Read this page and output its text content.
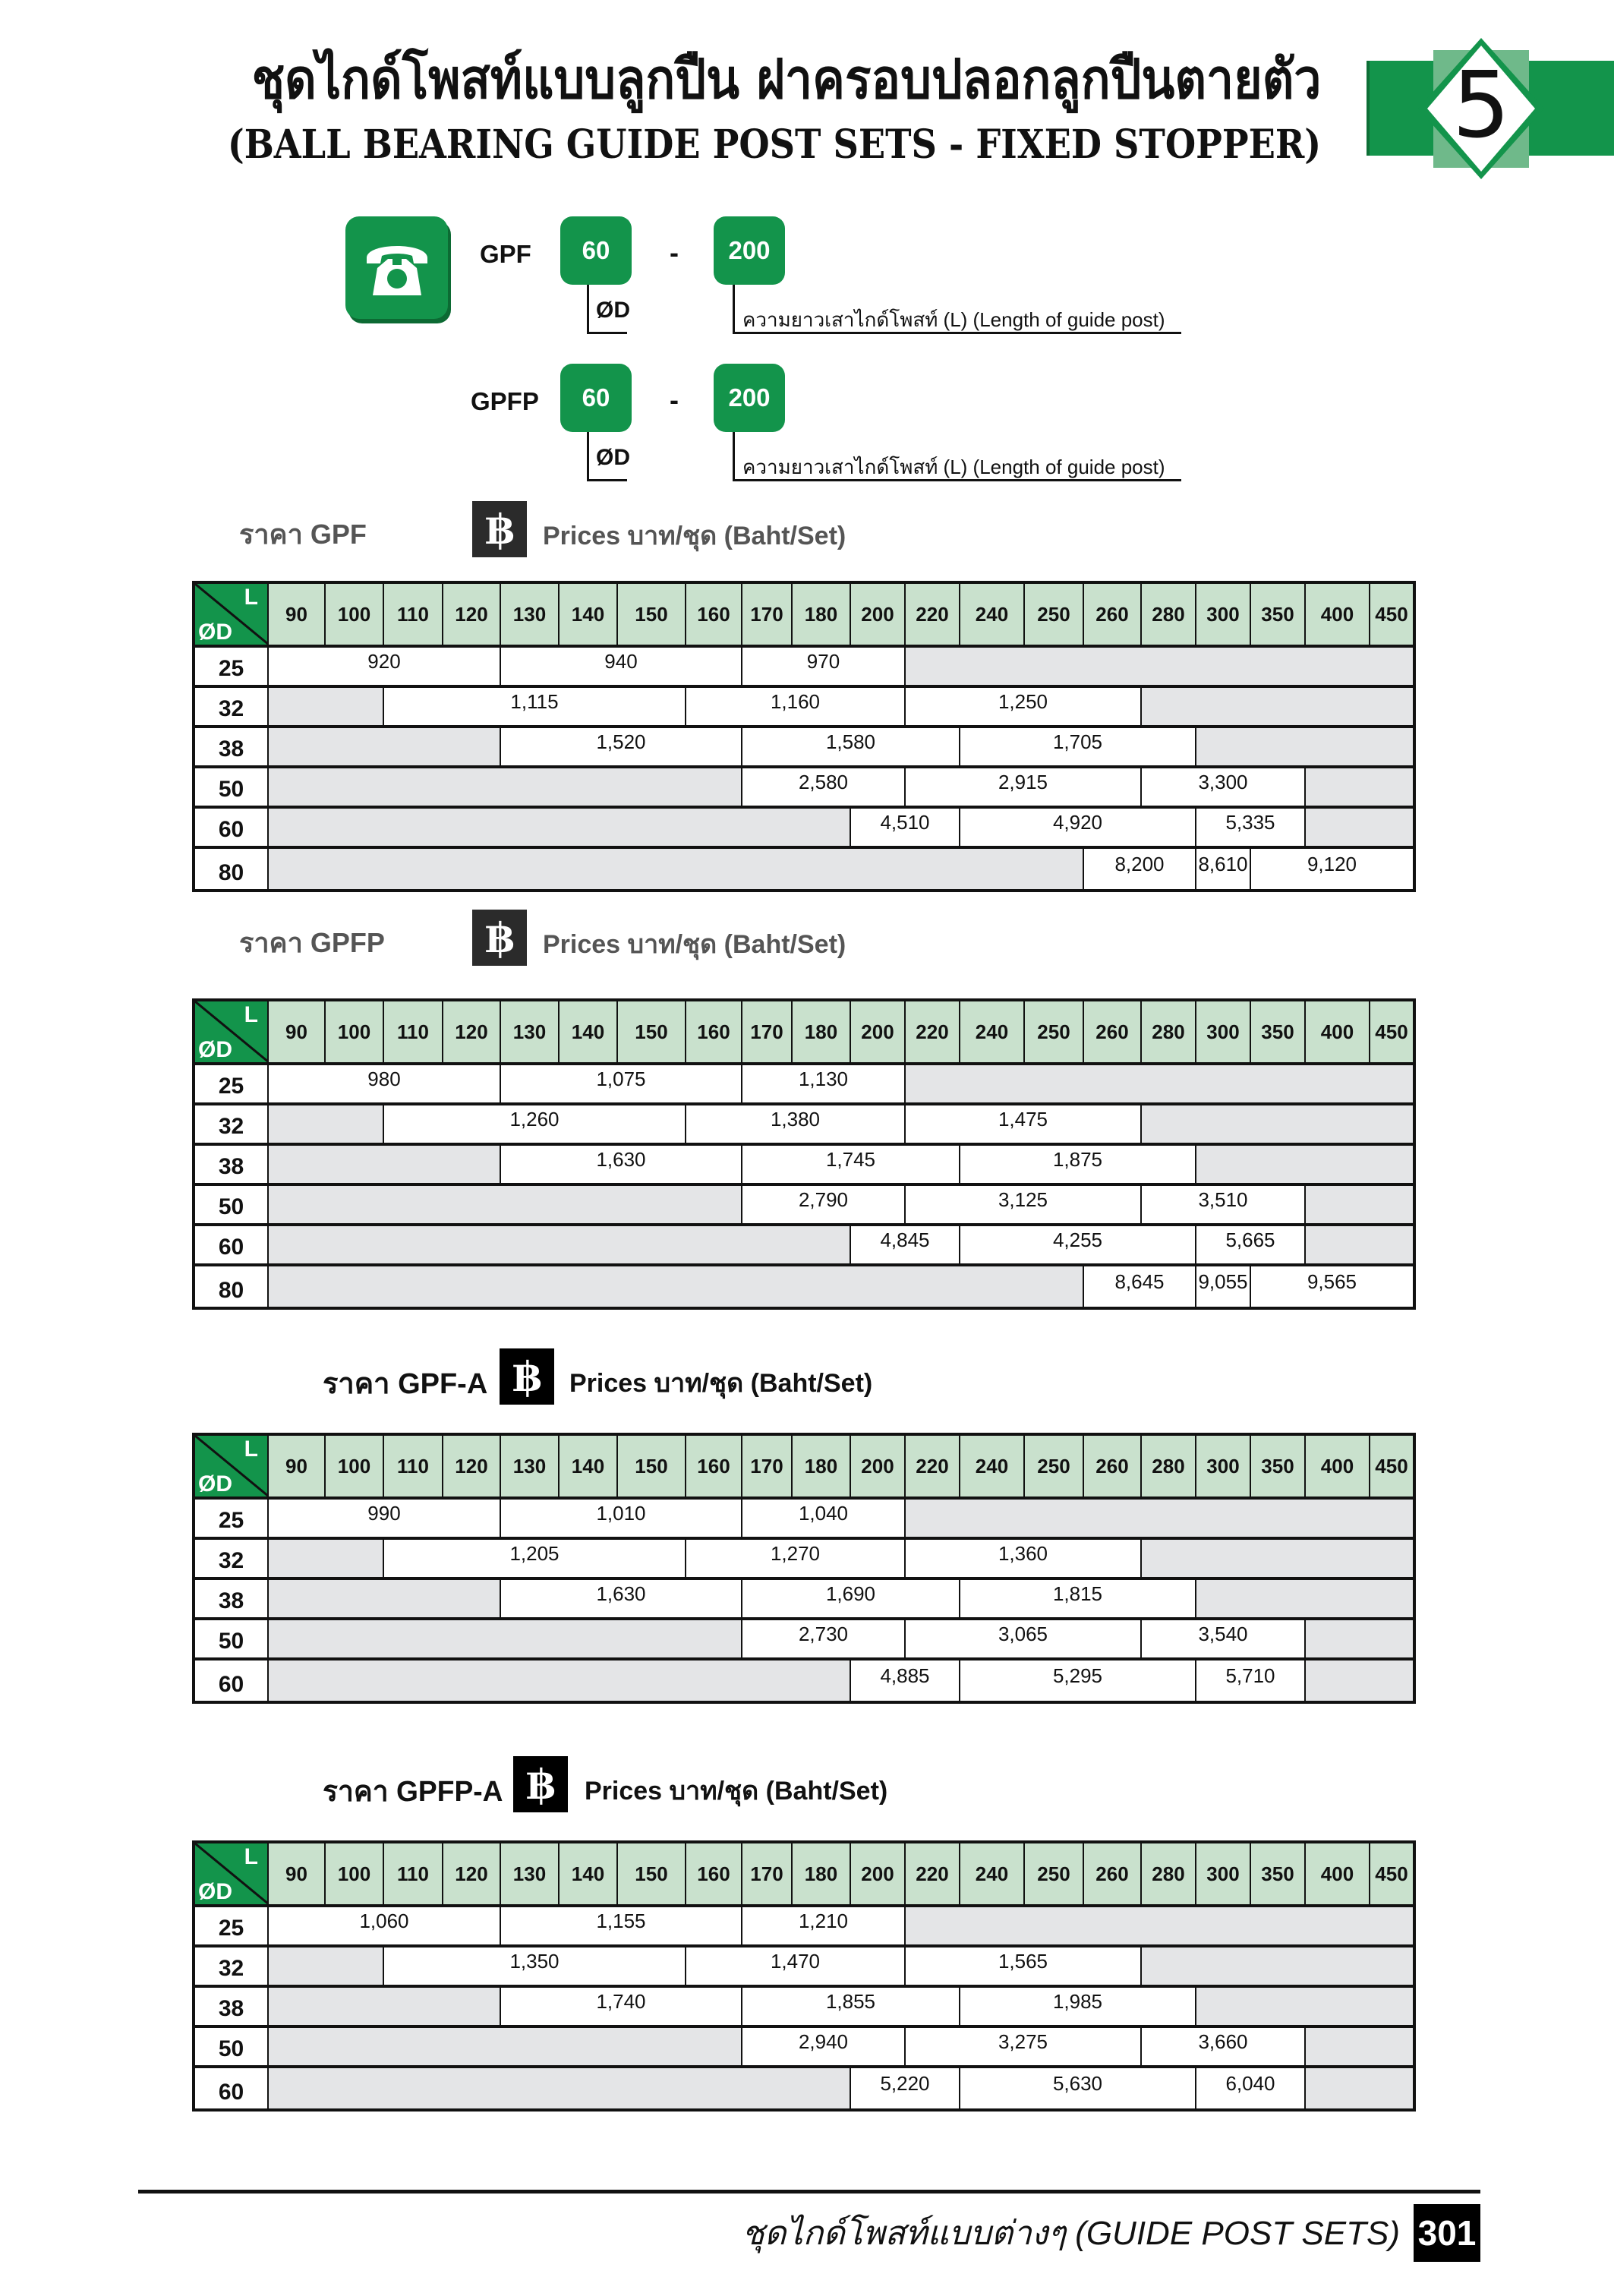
ชุดไกด์โพสท์แบบลูกปืน ฝาครอบปลอกลูกปืนตายตัว
(BALL BEARING GUIDE POST SETS - FIXED STOPPER)	5
GPF	60	-	200
ØD	ความยาวเสาไกด์โพสท์ (L) (Length of guide post)
GPFP	60	-	200
ØD	ความยาวเสาไกด์โพสท์ (L) (Length of guide post)
ราคา GPF	฿	Prices บาท/ชุด (Baht/Set)
ราคา GPFP	฿	Prices บาท/ชุด (Baht/Set)
ราคา GPF-A ฿	Prices บาท/ชุด (Baht/Set)
ราคา GPFP-A ฿	Prices บาท/ชุด (Baht/Set)
L
ØD
90	100	110	120	130	140	150	160	170	180	200	220	240	250	260	280	300	350	400	450
25	920	940	970
32	1,115	1,160	1,250
38	1,520	1,580	1,705
50	2,580	2,915	3,300
60	4,510	4,920	5,335
80	8,200	8,610	9,120
L
ØD
90	100	110	120	130	140	150	160	170	180	200	220	240	250	260	280	300	350	400	450
25	980	1,075	1,130
32	1,260	1,380	1,475
38	1,630	1,745	1,875
50	2,790	3,125	3,510
60	4,845	4,255	5,665
80	8,645	9,055	9,565
L
ØD
90	100	110	120	130	140	150	160	170	180	200	220	240	250	260	280	300	350	400	450
25	990	1,010	1,040
32	1,205	1,270	1,360
38	1,630	1,690	1,815
50	2,730	3,065	3,540
60	4,885	5,295	5,710
L
ØD
90	100	110	120	130	140	150	160	170	180	200	220	240	250	260	280	300	350	400	450
25	1,060	1,155	1,210
32	1,350	1,470	1,565
38	1,740	1,855	1,985
50	2,940	3,275	3,660
60	5,220	5,630	6,040
ชุดไกด์โพสท์แบบต่างๆ (GUIDE POST SETS) 301
